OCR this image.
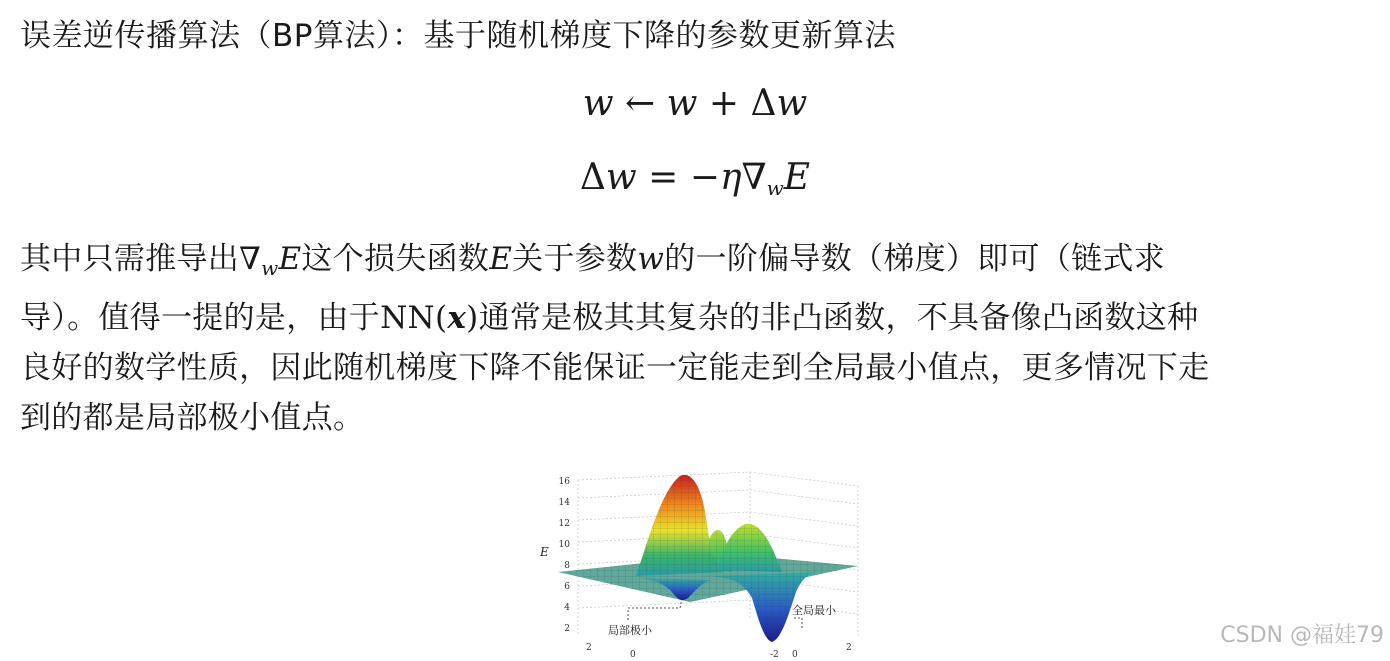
误差逆传播算法（BP算法）：基于随机梯度下降的参数更新算法
w ← w + Δw
$\Delta w = -\eta\nabla_wE$
其中只需推导出$\nabla_wE$这个损失函数E关于参数w的一阶偏导数（梯度）即可（链式求
导）。值得一提的是，由于NN(x)通常是极其其复杂的非凸函数，不具备像凸函数这种
良好的数学性质，因此随机梯度下降不能保证一定能走到全局最小值点，更多情况下走
到的都是局部极小值点。
16
14
12
10
8
6
4
2
E
局部极小
全局最小
2
0	-2 0
2	CSDN @福娃79
